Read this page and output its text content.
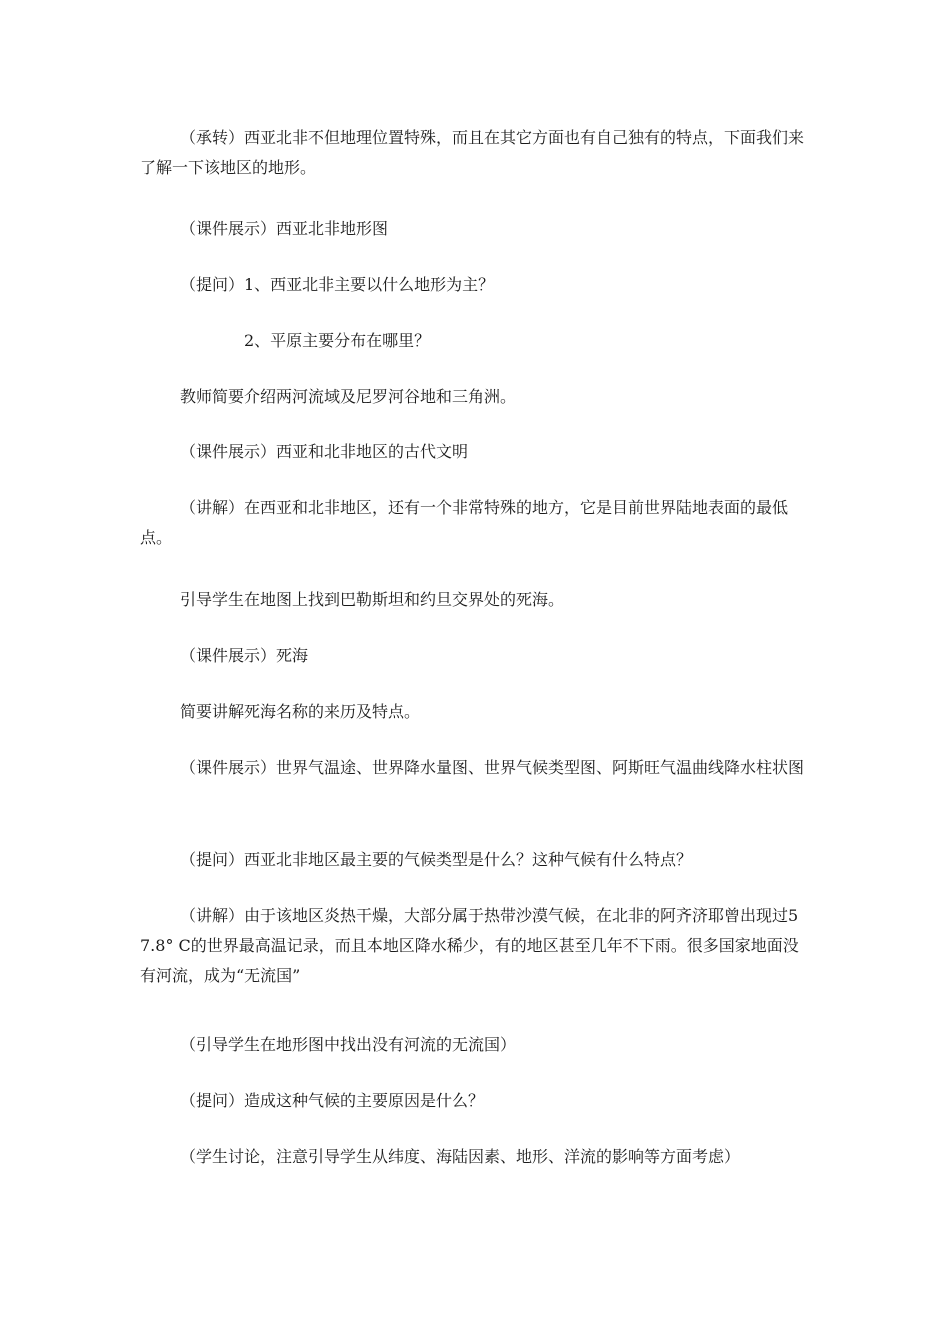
（承转）西亚北非不但地理位置特殊，而且在其它方面也有自己独有的特点，下面我们来了解一下该地区的地形。

（课件展示）西亚北非地形图

（提问）1、西亚北非主要以什么地形为主？

2、平原主要分布在哪里？

教师简要介绍两河流域及尼罗河谷地和三角洲。

（课件展示）西亚和北非地区的古代文明

（讲解）在西亚和北非地区，还有一个非常特殊的地方，它是目前世界陆地表面的最低点。

引导学生在地图上找到巴勒斯坦和约旦交界处的死海。

（课件展示）死海

简要讲解死海名称的来历及特点。

（课件展示）世界气温途、世界降水量图、世界气候类型图、阿斯旺气温曲线降水柱状图

（提问）西亚北非地区最主要的气候类型是什么？这种气候有什么特点？

（讲解）由于该地区炎热干燥，大部分属于热带沙漠气候，在北非的阿齐济耶曾出现过57.8° C的世界最高温记录，而且本地区降水稀少，有的地区甚至几年不下雨。很多国家地面没有河流，成为“无流国”

（引导学生在地形图中找出没有河流的无流国）

（提问）造成这种气候的主要原因是什么？

（学生讨论，注意引导学生从纬度、海陆因素、地形、洋流的影响等方面考虑）
